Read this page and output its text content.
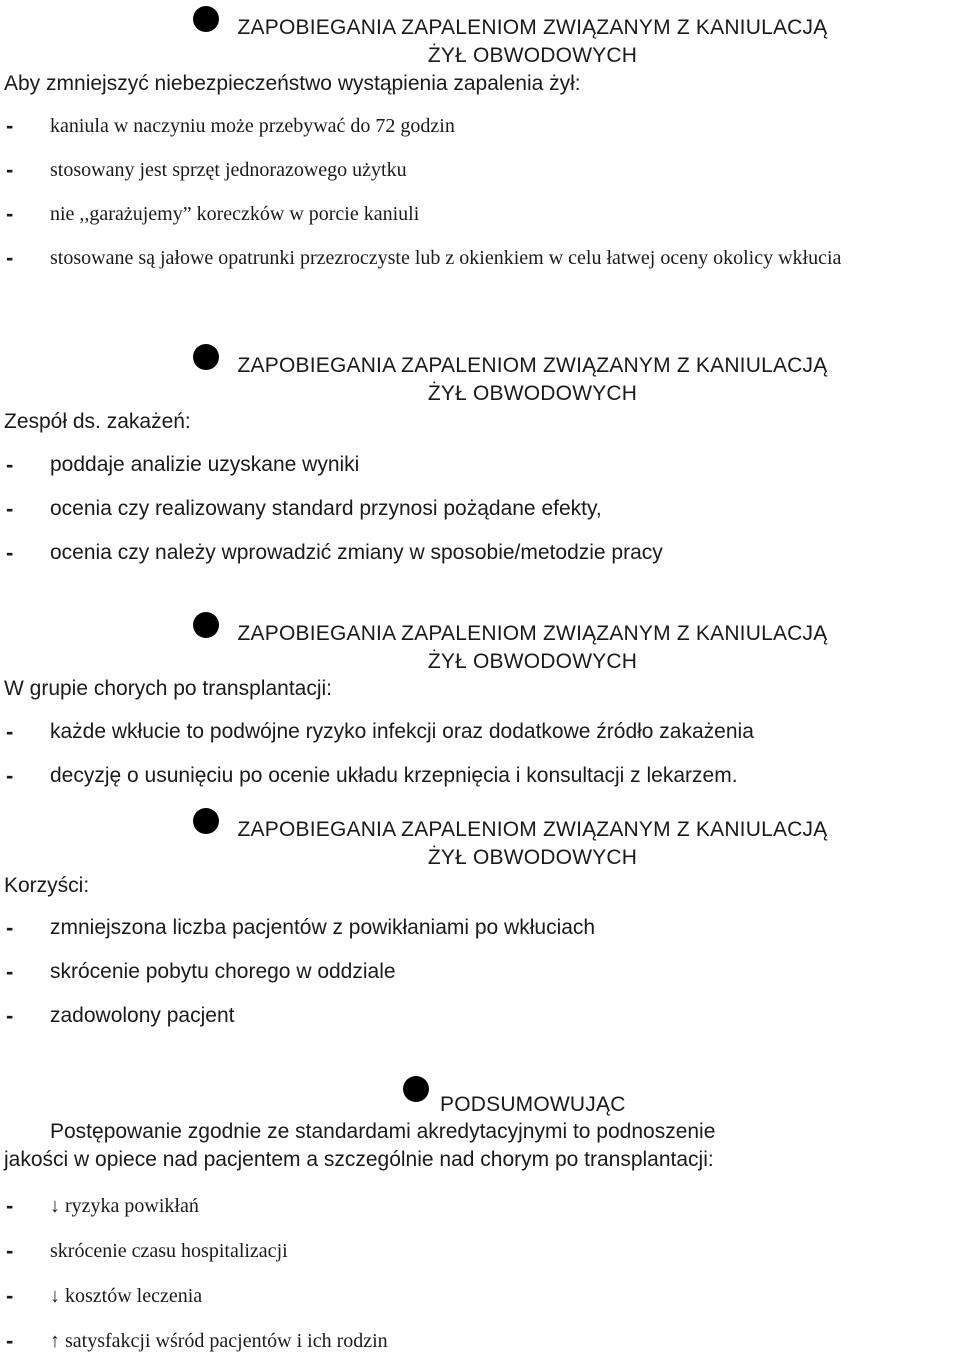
ZAPOBIEGANIA ZAPALENIOM ZWIĄZANYM Z KANIULACJĄ
ŻYŁ OBWODOWYCH
Aby zmniejszyć niebezpieczeństwo wystąpienia zapalenia żył:
- kaniula w naczyniu może przebywać do 72 godzin
- stosowany jest sprzęt jednorazowego użytku
- nie ,,garażujemy” koreczków w porcie kaniuli
- stosowane są jałowe opatrunki przezroczyste lub z okienkiem w celu łatwej oceny okolicy wkłucia
ZAPOBIEGANIA ZAPALENIOM ZWIĄZANYM Z KANIULACJĄ
ŻYŁ OBWODOWYCH
Zespół ds. zakażeń:
- poddaje analizie uzyskane wyniki
- ocenia czy realizowany standard przynosi pożądane efekty,
- ocenia czy należy wprowadzić zmiany w sposobie/metodzie pracy
ZAPOBIEGANIA ZAPALENIOM ZWIĄZANYM Z KANIULACJĄ
ŻYŁ OBWODOWYCH
W grupie chorych po transplantacji:
- każde wkłucie to podwójne ryzyko infekcji oraz dodatkowe źródło zakażenia
- decyzję o usunięciu po ocenie układu krzepnięcia i konsultacji z lekarzem.
ZAPOBIEGANIA ZAPALENIOM ZWIĄZANYM Z KANIULACJĄ
ŻYŁ OBWODOWYCH
Korzyści:
- zmniejszona liczba pacjentów z powikłaniami po wkłuciach
- skrócenie pobytu chorego w oddziale
- zadowolony pacjent
PODSUMOWUJĄC
Postępowanie zgodnie ze standardami akredytacyjnymi to podnoszenie
jakości w opiece nad pacjentem a szczególnie nad chorym po transplantacji:
- ↓ ryzyka powikłań
- skrócenie czasu hospitalizacji
- ↓ kosztów leczenia
- ↑ satysfakcji wśród pacjentów i ich rodzin
